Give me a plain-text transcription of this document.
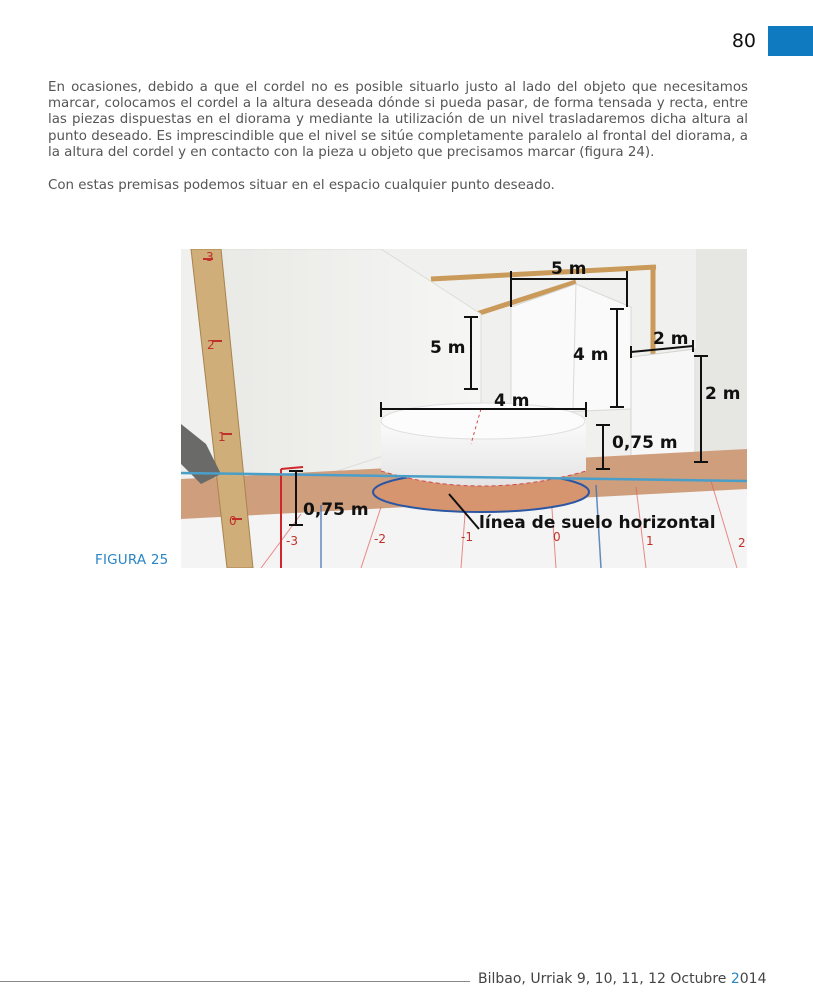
80

En ocasiones, debido a que el cordel no es posible situarlo justo al lado del objeto que necesitamos marcar, colocamos el cordel a la altura deseada dónde si pueda pasar, de forma tensada y recta, entre las piezas dispuestas en el diorama y mediante la utilización de un nivel trasladaremos dicha altura al punto deseado. Es imprescindible que el nivel se sitúe completamente paralelo al frontal del diorama, a la altura del cordel y en contacto con la pieza u objeto que precisamos marcar (figura 24).

Con estas premisas podemos situar en el espacio cualquier punto deseado.

3
2
1
0
-3	-2	-1	0	1	2
5 m
5 m	4 m
2 m
2 m
4 m
0,75 m
0,75 m
línea de suelo horizontal
FIGURA 25
Bilbao, Urriak 9, 10, 11, 12 Octubre 2014
